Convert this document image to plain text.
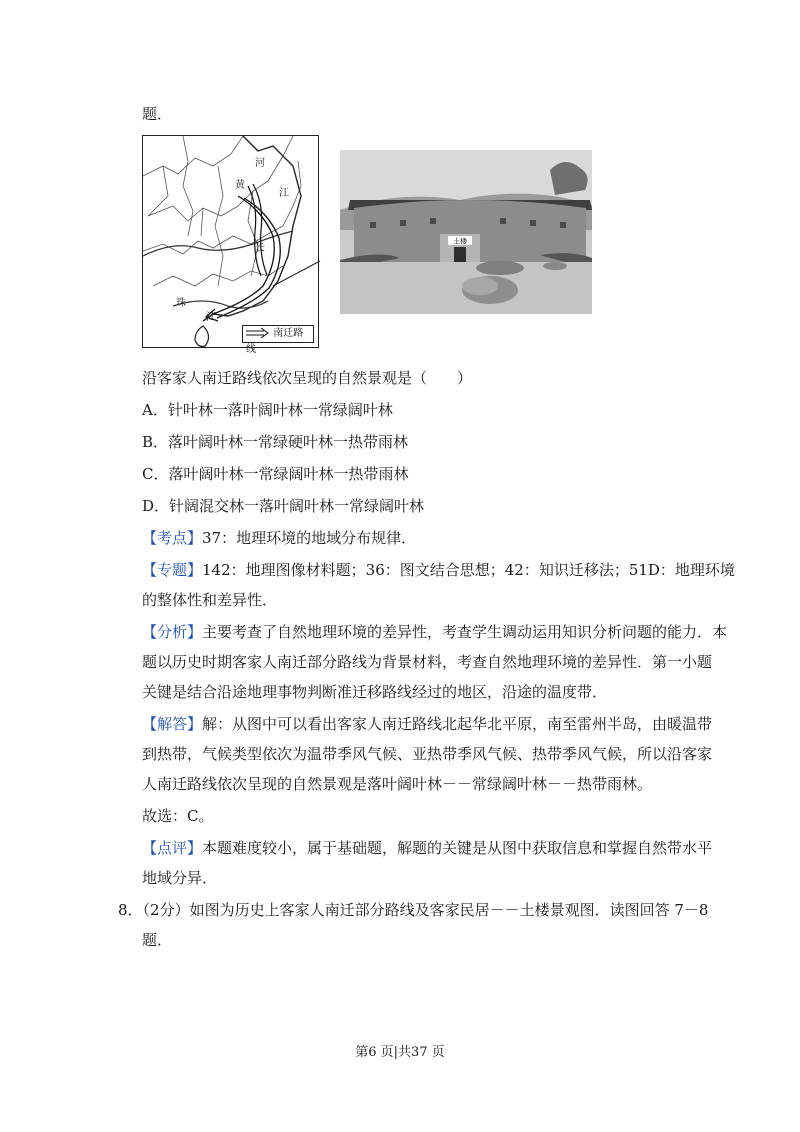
题．
河
黄
江
长
珠
江
南迁路线
土楼
沿客家人南迁路线依次呈现的自然景观是（　　）
A．针叶林一落叶阔叶林一常绿阔叶林
B．落叶阔叶林一常绿硬叶林一热带雨林
C．落叶阔叶林一常绿阔叶林一热带雨林
D．针阔混交林一落叶阔叶林一常绿阔叶林
【考点】37：地理环境的地域分布规律．
【专题】142：地理图像材料题；36：图文结合思想；42：知识迁移法；51D：地理环境
的整体性和差异性．
【分析】主要考查了自然地理环境的差异性，考查学生调动运用知识分析问题的能力．本
题以历史时期客家人南迁部分路线为背景材料，考查自然地理环境的差异性．第一小题
关键是结合沿途地理事物判断准迁移路线经过的地区，沿途的温度带．
【解答】解：从图中可以看出客家人南迁路线北起华北平原，南至雷州半岛，由暖温带
到热带，气候类型依次为温带季风气候、亚热带季风气候、热带季风气候，所以沿客家
人南迁路线依次呈现的自然景观是落叶阔叶林－－常绿阔叶林－－热带雨林。
故选：C。
【点评】本题难度较小，属于基础题，解题的关键是从图中获取信息和掌握自然带水平
地域分异．
8．（2分）如图为历史上客家人南迁部分路线及客家民居－－土楼景观图．读图回答 7－8
题．
第6 页|共37 页
